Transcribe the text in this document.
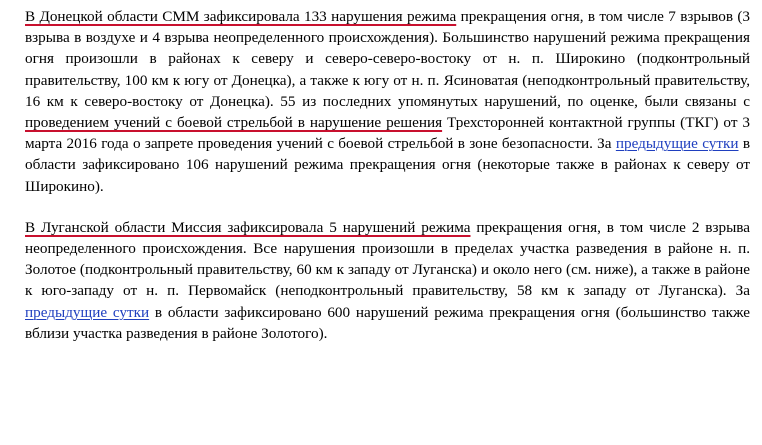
В Донецкой области СММ зафиксировала 133 нарушения режима прекращения огня, в том числе 7 взрывов (3 взрыва в воздухе и 4 взрыва неопределенного происхождения). Большинство нарушений режима прекращения огня произошли в районах к северу и северо-северо-востоку от н. п. Широкино (подконтрольный правительству, 100 км к югу от Донецка), а также к югу от н. п. Ясиноватая (неподконтрольный правительству, 16 км к северо-востоку от Донецка). 55 из последних упомянутых нарушений, по оценке, были связаны с проведением учений с боевой стрельбой в нарушение решения Трехсторонней контактной группы (ТКГ) от 3 марта 2016 года о запрете проведения учений с боевой стрельбой в зоне безопасности. За предыдущие сутки в области зафиксировано 106 нарушений режима прекращения огня (некоторые также в районах к северу от Широкино).

В Луганской области Миссия зафиксировала 5 нарушений режима прекращения огня, в том числе 2 взрыва неопределенного происхождения. Все нарушения произошли в пределах участка разведения в районе н. п. Золотое (подконтрольный правительству, 60 км к западу от Луганска) и около него (см. ниже), а также в районе к юго-западу от н. п. Первомайск (неподконтрольный правительству, 58 км к западу от Луганска). За предыдущие сутки в области зафиксировано 600 нарушений режима прекращения огня (большинство также вблизи участка разведения в районе Золотого).
